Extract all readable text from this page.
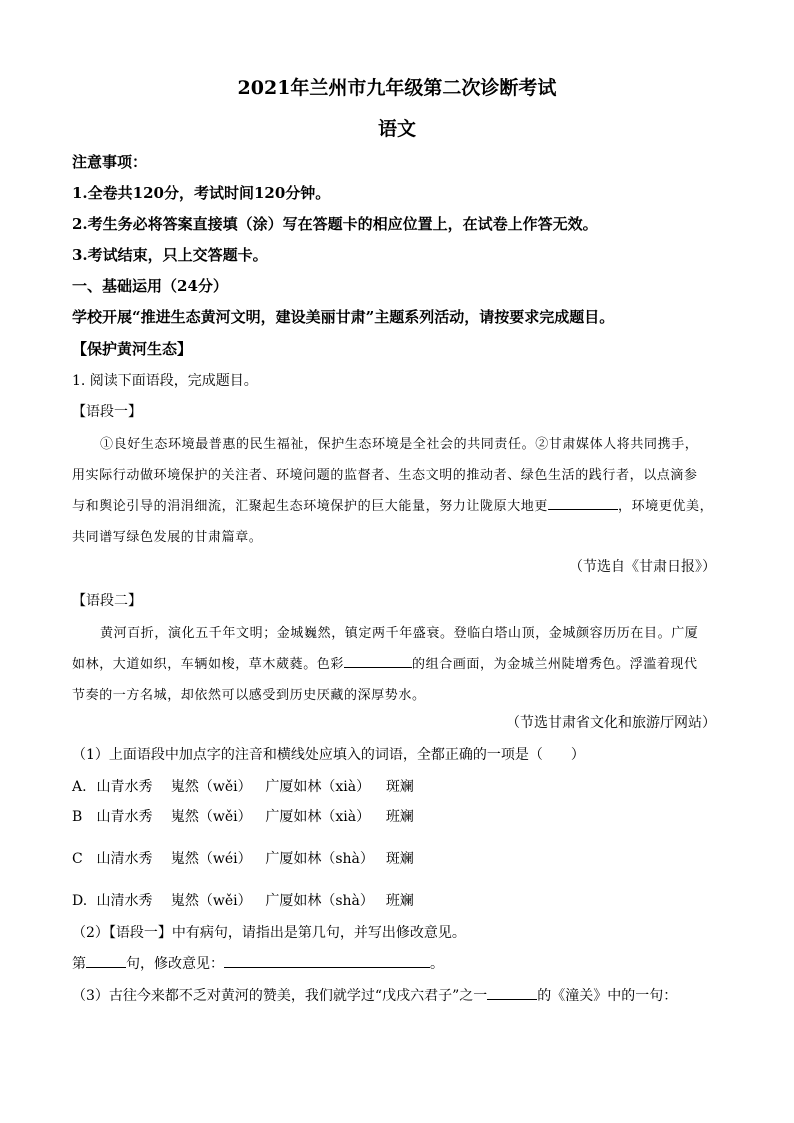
2021年兰州市九年级第二次诊断考试
语文
注意事项：
1.全卷共120分，考试时间120分钟。
2.考生务必将答案直接填（涂）写在答题卡的相应位置上，在试卷上作答无效。
3.考试结束，只上交答题卡。
一、基础运用（24分）
学校开展“推进生态黄河文明，建设美丽甘肃”主题系列活动，请按要求完成题目。
【保护黄河生态】
1. 阅读下面语段，完成题目。
【语段一】
①良好生态环境最普惠的民生福祉，保护生态环境是全社会的共同责任。②甘肃媒体人将共同携手，
用实际行动做环境保护的关注者、环境问题的监督者、生态文明的推动者、绿色生活的践行者，以点滴参
与和舆论引导的涓涓细流，汇聚起生态环境保护的巨大能量，努力让陇原大地更	，环境更优美，
共同谱写绿色发展的甘肃篇章。
（节选自《甘肃日报》）
【语段二】
黄河百折，演化五千年文明；金城巍然，镇定两千年盛衰。登临白塔山顶，金城颜容历历在目。广厦
如林，大道如织，车辆如梭，草木葳蕤。色彩	的组合画面，为金城兰州陡增秀色。浮滥着现代
节奏的一方名城，却依然可以感受到历史厌藏的深厚势水。
（节选甘肃省文化和旅游厅网站）
（1）上面语段中加点字的注音和横线处应填入的词语，全都正确的一项是（　　）
A. 山青水秀 嵬然（wěi） 广厦如林（xià） 斑斓
B 山青水秀 嵬然（wěi） 广厦如林（xià） 班斓
C 山清水秀 嵬然（wéi） 广厦如林（shà） 斑斓
D. 山清水秀 嵬然（wěi） 广厦如林（shà） 班斓
（2）【语段一】中有病句，请指出是第几句，并写出修改意见。
第	句，修改意见：	。
（3）古往今来都不乏对黄河的赞美，我们就学过“戊戌六君子”之一	的《潼关》中的一句：
